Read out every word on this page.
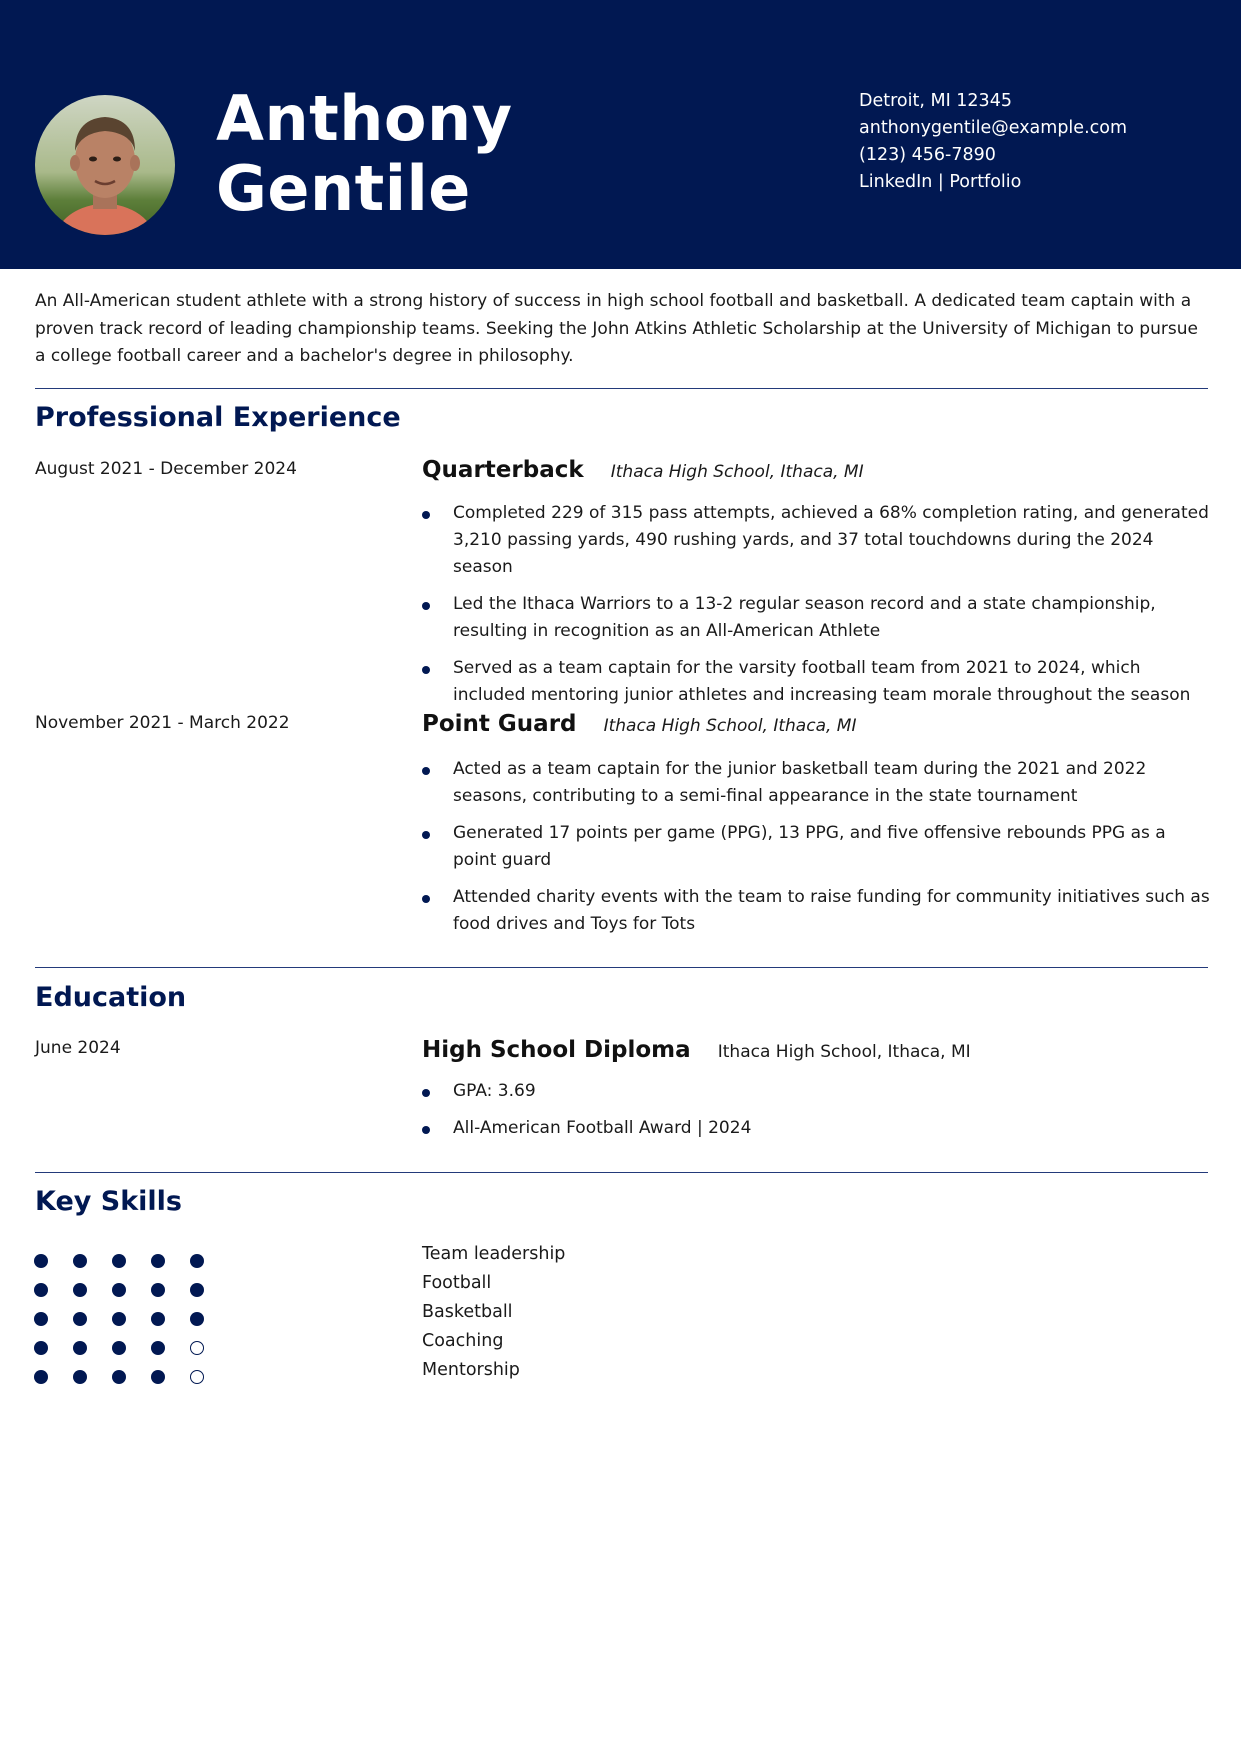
Anthony
Gentile
Detroit, MI 12345
anthonygentile@example.com
(123) 456-7890
LinkedIn | Portfolio

An All-American student athlete with a strong history of success in high school football and basketball. A dedicated team captain with a proven track record of leading championship teams. Seeking the John Atkins Athletic Scholarship at the University of Michigan to pursue a college football career and a bachelor's degree in philosophy.

Professional Experience
August 2021 - December 2024	Quarterback Ithaca High School, Ithaca, MI
Completed 229 of 315 pass attempts, achieved a 68% completion rating, and generated 3,210 passing yards, 490 rushing yards, and 37 total touchdowns during the 2024 season
Led the Ithaca Warriors to a 13-2 regular season record and a state championship, resulting in recognition as an All-American Athlete
Served as a team captain for the varsity football team from 2021 to 2024, which included mentoring junior athletes and increasing team morale throughout the season
November 2021 - March 2022	Point Guard Ithaca High School, Ithaca, MI
Acted as a team captain for the junior basketball team during the 2021 and 2022 seasons, contributing to a semi-final appearance in the state tournament
Generated 17 points per game (PPG), 13 PPG, and five offensive rebounds PPG as a point guard
Attended charity events with the team to raise funding for community initiatives such as food drives and Toys for Tots
Education
June 2024	High School Diploma Ithaca High School, Ithaca, MI
GPA: 3.69
All-American Football Award | 2024
Key Skills
Team leadership
Football
Basketball
Coaching
Mentorship
